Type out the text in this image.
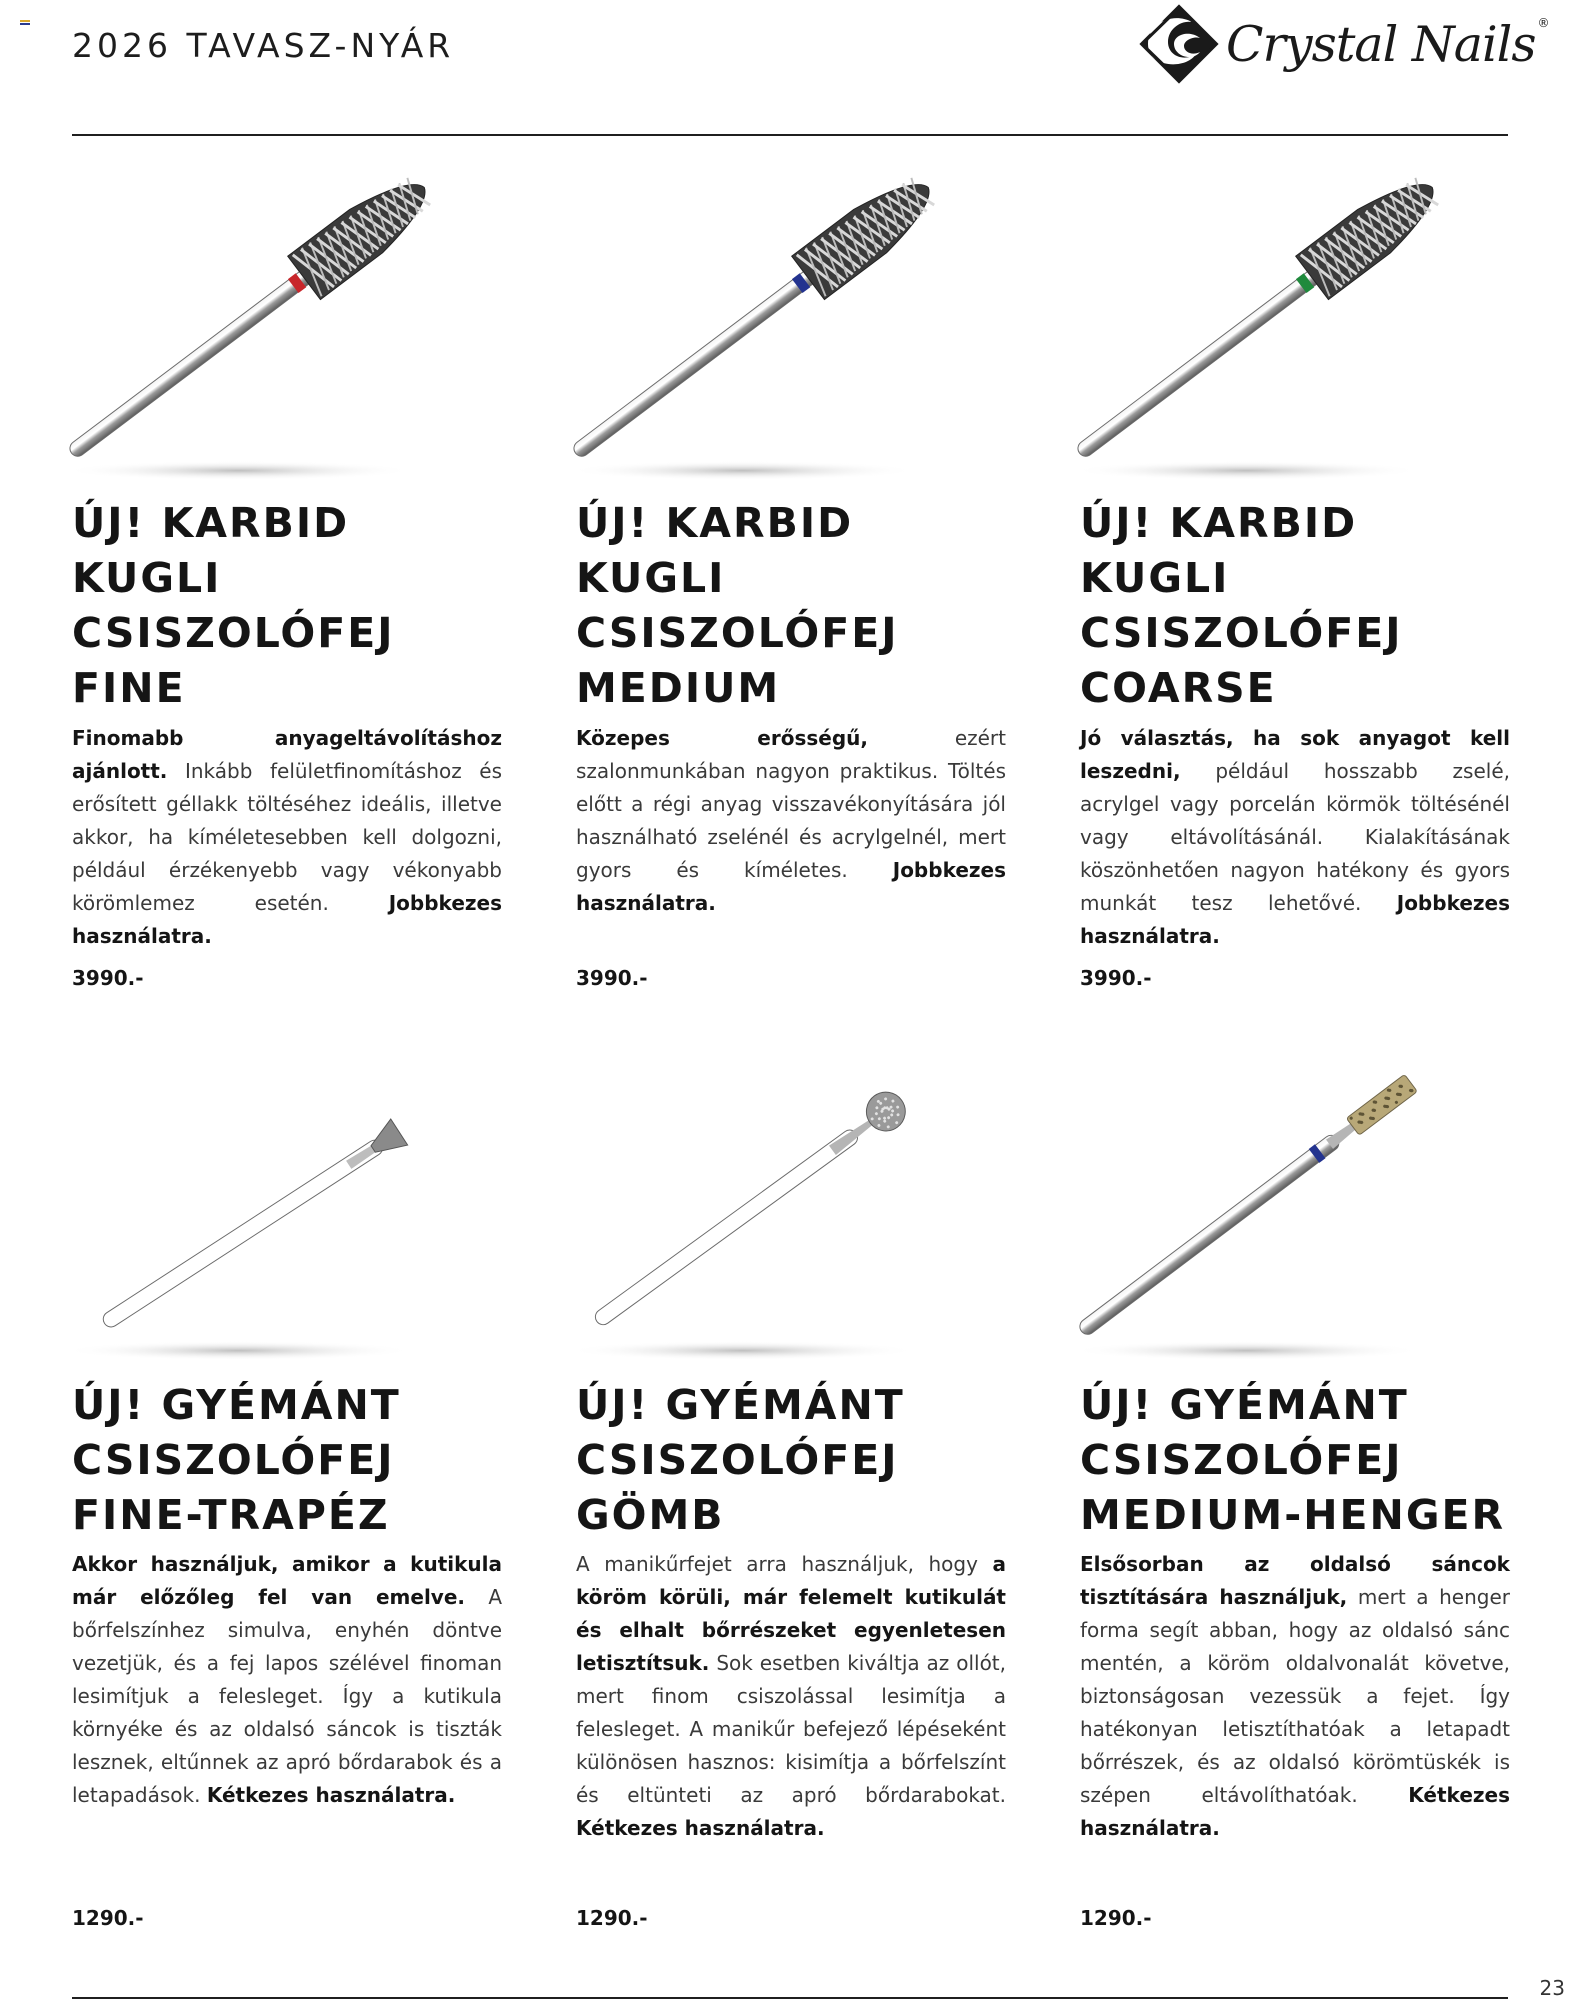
2026 TAVASZ-NYÁR	Crystal Nails ®
ÚJ! KARBID
KUGLI
CSISZOLÓFEJ
FINE
Finomabb anyageltávolításhoz ajánlott. Inkább felületfinomításhoz és erősített géllakk töltéséhez ideális, illetve akkor, ha kíméletesebben kell dolgozni, például érzékenyebb vagy vékonyabb körömlemez esetén.	Jobbkezes használatra.
3990.-
ÚJ! KARBID
KUGLI
CSISZOLÓFEJ
MEDIUM
Közepes erősségű,	ezért szalonmunkában nagyon praktikus. Töltés előtt a régi anyag visszavékonyítására jól használható zselénél és acrylgelnél, mert gyors és kíméletes. Jobbkezes használatra.
3990.-
ÚJ! KARBID
KUGLI
CSISZOLÓFEJ
COARSE
Jó választás, ha sok anyagot kell leszedni, például hosszabb zselé, acrylgel vagy porcelán körmök töltésénél vagy eltávolításánál. Kialakításának köszönhetően nagyon hatékony és gyors munkát tesz lehetővé. Jobbkezes használatra.
3990.-
ÚJ! GYÉMÁNT
CSISZOLÓFEJ
FINE-TRAPÉZ
Akkor használjuk, amikor a kutikula már előzőleg fel van emelve. A bőrfelszínhez simulva, enyhén döntve vezetjük, és a fej lapos szélével finoman lesimítjuk a felesleget. Így a kutikula környéke és az oldalsó sáncok is tiszták lesznek, eltűnnek az apró bőrdarabok és a letapadások. Kétkezes használatra.
1290.-
ÚJ! GYÉMÁNT
CSISZOLÓFEJ
GÖMB
A manikűrfejet arra használjuk, hogy a köröm körüli, már felemelt kutikulát és elhalt bőrrészeket egyenletesen letisztítsuk. Sok esetben kiváltja az ollót, mert finom csiszolással lesimítja a felesleget. A manikűr befejező lépéseként különösen hasznos: kisimítja a bőrfelszínt és eltünteti az apró bőrdarabokat. Kétkezes használatra.
1290.-
ÚJ! GYÉMÁNT
CSISZOLÓFEJ
MEDIUM-HENGER
Elsősorban az oldalsó sáncok tisztítására használjuk, mert a henger forma segít abban, hogy az oldalsó sánc mentén, a köröm oldalvonalát követve, biztonságosan vezessük a fejet. Így hatékonyan letisztíthatóak a letapadt bőrrészek, és az oldalsó körömtüskék is szépen eltávolíthatóak.	Kétkezes használatra.
1290.-
23
